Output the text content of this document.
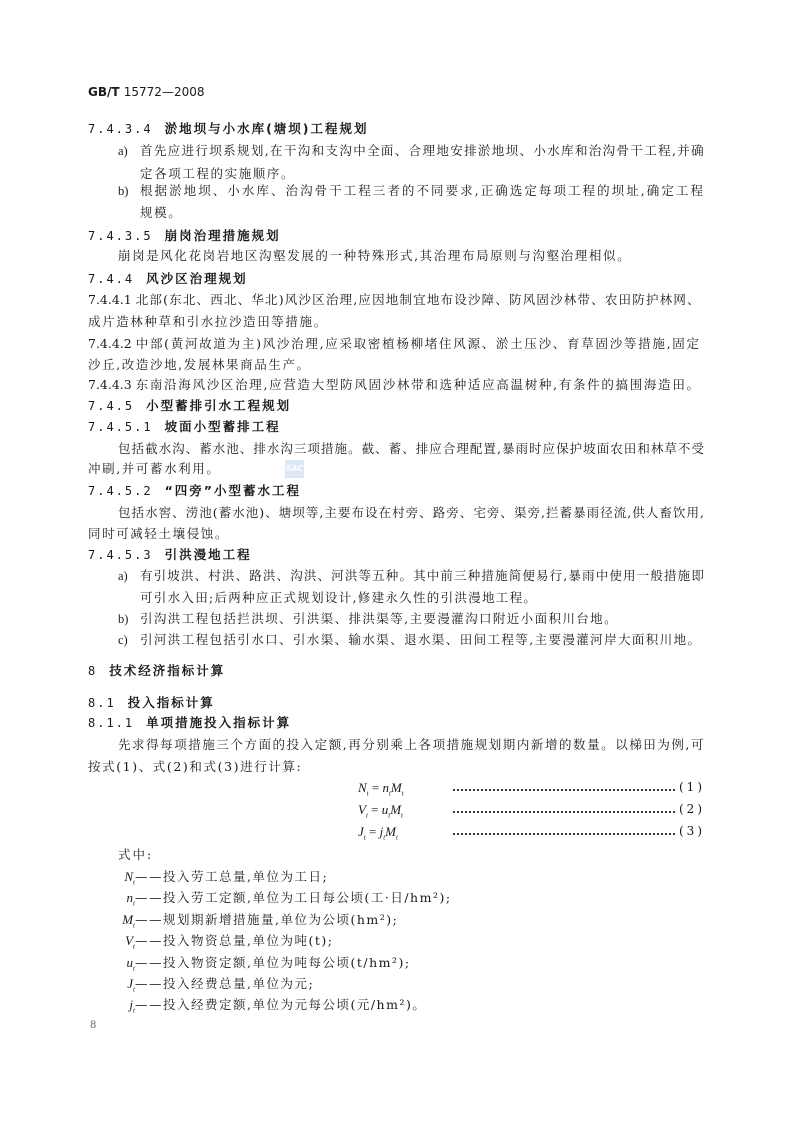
GB/T 15772—2008
7.4.3.4 淤地坝与小水库(塘坝)工程规划
a) 首先应进行坝系规划,在干沟和支沟中全面、合理地安排淤地坝、小水库和治沟骨干工程,并确
定各项工程的实施顺序。
b) 根据淤地坝、小水库、治沟骨干工程三者的不同要求,正确选定每项工程的坝址,确定工程
规模。
7.4.3.5 崩岗治理措施规划
崩岗是风化花岗岩地区沟壑发展的一种特殊形式,其治理布局原则与沟壑治理相似。
7.4.4 风沙区治理规划
7.4.4.1 北部(东北、西北、华北)风沙区治理,应因地制宜地布设沙障、防风固沙林带、农田防护林网、
成片造林种草和引水拉沙造田等措施。
7.4.4.2 中部(黄河故道为主)风沙治理,应采取密植杨柳堵住风源、淤土压沙、育草固沙等措施,固定
沙丘,改造沙地,发展林果商品生产。
7.4.4.3 东南沿海风沙区治理,应营造大型防风固沙林带和选种适应高温树种,有条件的搞围海造田。
7.4.5 小型蓄排引水工程规划
7.4.5.1 坡面小型蓄排工程
包括截水沟、蓄水池、排水沟三项措施。截、蓄、排应合理配置,暴雨时应保护坡面农田和林草不受
冲刷,并可蓄水利用。	SAC
7.4.5.2 “四旁”小型蓄水工程
包括水窖、涝池(蓄水池)、塘坝等,主要布设在村旁、路旁、宅旁、渠旁,拦蓄暴雨径流,供人畜饮用,
同时可减轻土壤侵蚀。
7.4.5.3 引洪漫地工程
a) 有引坡洪、村洪、路洪、沟洪、河洪等五种。其中前三种措施简便易行,暴雨中使用一般措施即
可引水入田;后两种应正式规划设计,修建永久性的引洪漫地工程。
b) 引沟洪工程包括拦洪坝、引洪渠、排洪渠等,主要漫灌沟口附近小面积川台地。
c) 引河洪工程包括引水口、引水渠、输水渠、退水渠、田间工程等,主要漫灌河岸大面积川地。
8 技术经济指标计算
8.1 投入指标计算
8.1.1 单项措施投入指标计算
先求得每项措施三个方面的投入定额,再分别乘上各项措施规划期内新增的数量。以梯田为例,可
按式(1)、式(2)和式(3)进行计算:
$N_t = n_tM_t$	(1)
$V_t = u_tM_t$	(2)
$J_t = j_tM_t$	(3)
式中:
$N_t——$投入劳工总量,单位为工日;
$n_t——$投入劳工定额,单位为工日每公顷(工·日/hm²);
$M_t——$规划期新增措施量,单位为公顷(hm²);
$V_t——$投入物资总量,单位为吨(t);
$u_t——$投入物资定额,单位为吨每公顷(t/hm²);
$J_t——$投入经费总量,单位为元;
$j_t——$投入经费定额,单位为元每公顷(元/hm²)。
8
